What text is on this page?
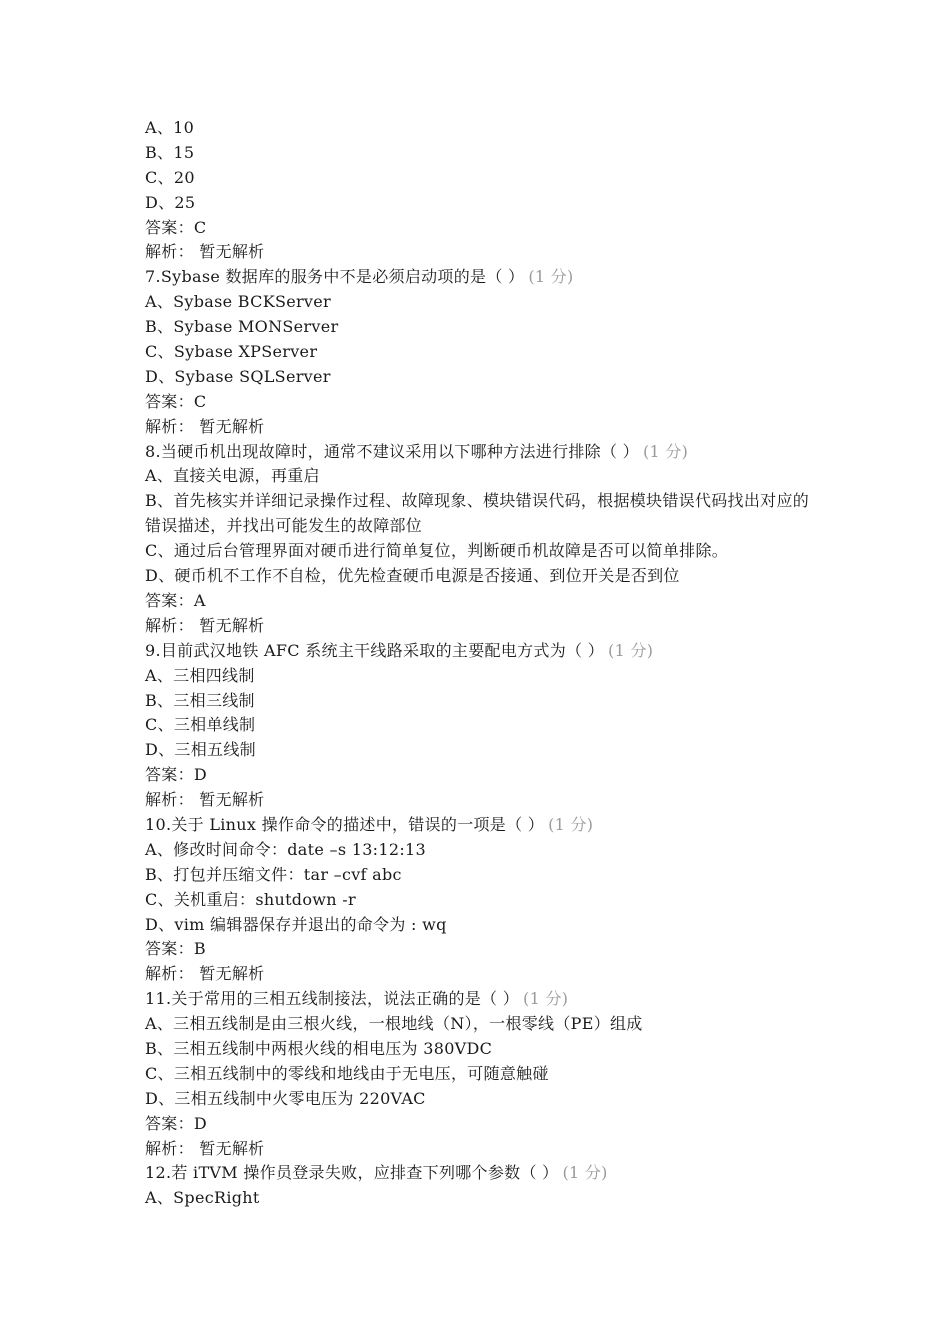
A、10
B、15
C、20
D、25
答案：C
解析： 暂无解析
7.Sybase 数据库的服务中不是必须启动项的是（ ） (1 分)
A、Sybase BCKServer
B、Sybase MONServer
C、Sybase XPServer
D、Sybase SQLServer
答案：C
解析： 暂无解析
8.当硬币机出现故障时，通常不建议采用以下哪种方法进行排除（ ） (1 分)
A、直接关电源，再重启
B、首先核实并详细记录操作过程、故障现象、模块错误代码，根据模块错误代码找出对应的错误描述，并找出可能发生的故障部位
C、通过后台管理界面对硬币进行简单复位，判断硬币机故障是否可以简单排除。
D、硬币机不工作不自检，优先检查硬币电源是否接通、到位开关是否到位
答案：A
解析： 暂无解析
9.目前武汉地铁 AFC 系统主干线路采取的主要配电方式为（ ） (1 分)
A、三相四线制
B、三相三线制
C、三相单线制
D、三相五线制
答案：D
解析： 暂无解析
10.关于 Linux 操作命令的描述中，错误的一项是（ ） (1 分)
A、修改时间命令：date –s 13:12:13
B、打包并压缩文件：tar –cvf abc
C、关机重启：shutdown -r
D、vim 编辑器保存并退出的命令为 : wq
答案：B
解析： 暂无解析
11.关于常用的三相五线制接法，说法正确的是（ ） (1 分)
A、三相五线制是由三根火线，一根地线（N），一根零线（PE）组成
B、三相五线制中两根火线的相电压为 380VDC
C、三相五线制中的零线和地线由于无电压，可随意触碰
D、三相五线制中火零电压为 220VAC
答案：D
解析： 暂无解析
12.若 iTVM 操作员登录失败，应排查下列哪个参数（ ） (1 分)
A、SpecRight
